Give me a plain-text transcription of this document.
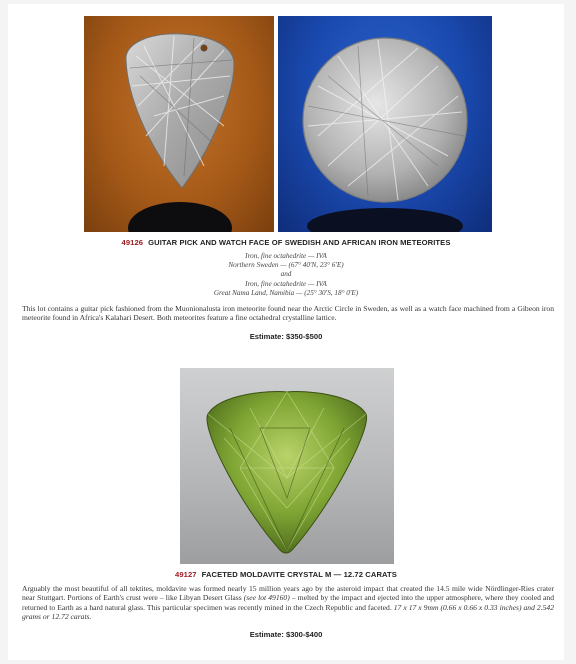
49126 GUITAR PICK AND WATCH FACE OF SWEDISH AND AFRICAN IRON METEORITES
Iron, fine octahedrite — IVA
Northern Sweden — (67° 40'N, 23° 6'E)
and
Iron, fine octahedrite — IVA
Great Nama Land, Namibia — (25° 30'S, 18° 0'E)
This lot contains a guitar pick fashioned from the Muonionalusta iron meteorite found near the Arctic Circle in Sweden, as well as a watch face machined from a Gibeon iron meteorite found in Africa's Kalahari Desert. Both meteorites feature a fine octahedral crystalline lattice.
Estimate: $350-$500
49127 FACETED MOLDAVITE CRYSTAL M — 12.72 CARATS
Arguably the most beautiful of all tektites, moldavite was formed nearly 15 million years ago by the asteroid impact that created the 14.5 mile wide Nördlinger-Ries crater near Stuttgart. Portions of Earth's crust were – like Libyan Desert Glass (see lot 49160) – melted by the impact and ejected into the upper atmosphere, where they cooled and returned to Earth as a hard natural glass. This particular specimen was recently mined in the Czech Republic and faceted. 17 x 17 x 9mm (0.66 x 0.66 x 0.33 inches) and 2.542 grams or 12.72 carats.
Estimate: $300-$400
